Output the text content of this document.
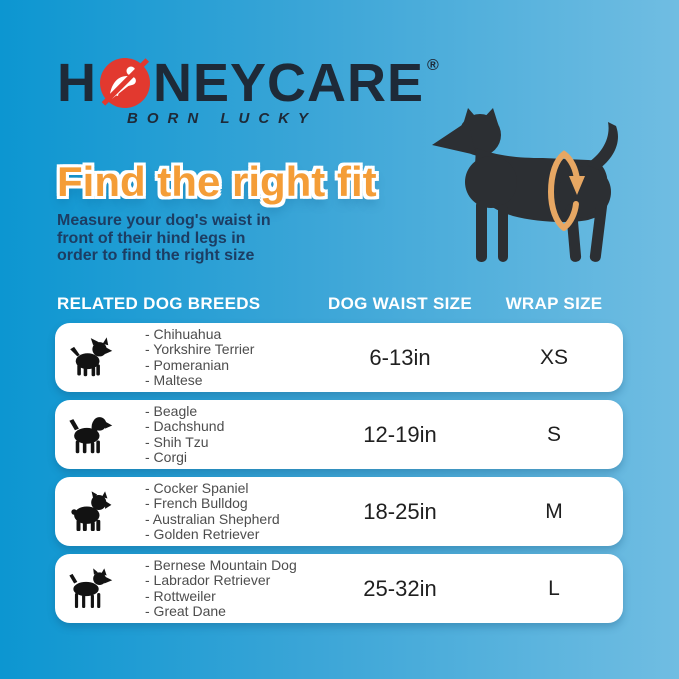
H NEYCARE®
BORN LUCKY
Find the right fit
Measure your dog's waist in
front of their hind legs in
order to find the right size
RELATED DOG BREEDS	DOG WAIST SIZE	WRAP SIZE
- Chihuahua
- Yorkshire Terrier
- Pomeranian
- Maltese
6-13in	XS
- Beagle
- Dachshund
- Shih Tzu
- Corgi
12-19in	S
- Cocker Spaniel
- French Bulldog
- Australian Shepherd
- Golden Retriever
18-25in	M
- Bernese Mountain Dog
- Labrador Retriever
- Rottweiler
- Great Dane
25-32in	L
